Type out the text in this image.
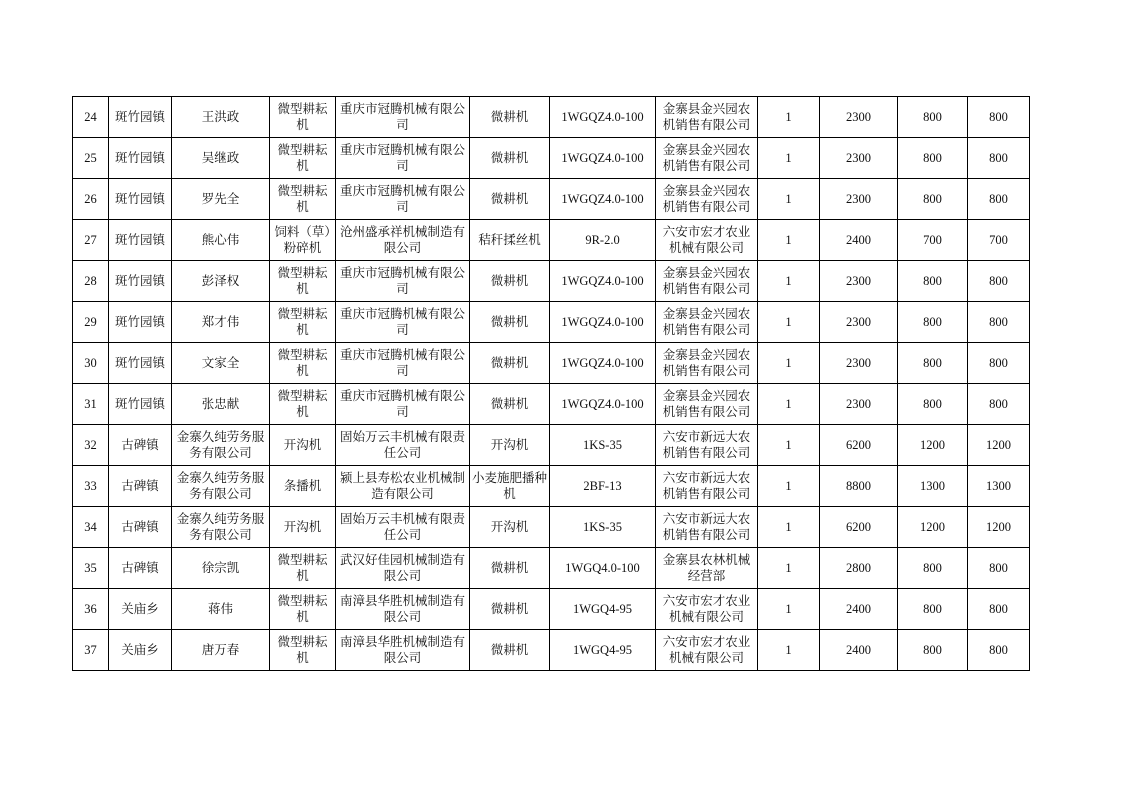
24	斑竹园镇	王洪政	微型耕耘机	重庆市冠腾机械有限公司	微耕机	1WGQZ4.0-100	金寨县金兴园农机销售有限公司	1	2300	800	800

25	斑竹园镇	吴继政	微型耕耘机	重庆市冠腾机械有限公司	微耕机	1WGQZ4.0-100	金寨县金兴园农机销售有限公司	1	2300	800	800

26	斑竹园镇	罗先全	微型耕耘机	重庆市冠腾机械有限公司	微耕机	1WGQZ4.0-100	金寨县金兴园农机销售有限公司	1	2300	800	800

27	斑竹园镇	熊心伟	饲料（草）粉碎机	沧州盛承祥机械制造有限公司	秸秆揉丝机	9R-2.0	六安市宏才农业机械有限公司	1	2400	700	700

28	斑竹园镇	彭泽权	微型耕耘机	重庆市冠腾机械有限公司	微耕机	1WGQZ4.0-100	金寨县金兴园农机销售有限公司	1	2300	800	800

29	斑竹园镇	郑才伟	微型耕耘机	重庆市冠腾机械有限公司	微耕机	1WGQZ4.0-100	金寨县金兴园农机销售有限公司	1	2300	800	800

30	斑竹园镇	文家全	微型耕耘机	重庆市冠腾机械有限公司	微耕机	1WGQZ4.0-100	金寨县金兴园农机销售有限公司	1	2300	800	800

31	斑竹园镇	张忠献	微型耕耘机	重庆市冠腾机械有限公司	微耕机	1WGQZ4.0-100	金寨县金兴园农机销售有限公司	1	2300	800	800

32	古碑镇	金寨久纯劳务服务有限公司	开沟机	固始万云丰机械有限责任公司	开沟机	1KS-35	六安市新远大农机销售有限公司	1	6200	1200	1200

33	古碑镇	金寨久纯劳务服务有限公司	条播机	颍上县寿松农业机械制造有限公司	小麦施肥播种机	2BF-13	六安市新远大农机销售有限公司	1	8800	1300	1300

34	古碑镇	金寨久纯劳务服务有限公司	开沟机	固始万云丰机械有限责任公司	开沟机	1KS-35	六安市新远大农机销售有限公司	1	6200	1200	1200

35	古碑镇	徐宗凯	微型耕耘机	武汉好佳园机械制造有限公司	微耕机	1WGQ4.0-100	金寨县农林机械经营部	1	2800	800	800

36	关庙乡	蒋伟	微型耕耘机	南漳县华胜机械制造有限公司	微耕机	1WGQ4-95	六安市宏才农业机械有限公司	1	2400	800	800

37	关庙乡	唐万春	微型耕耘机	南漳县华胜机械制造有限公司	微耕机	1WGQ4-95	六安市宏才农业机械有限公司	1	2400	800	800
